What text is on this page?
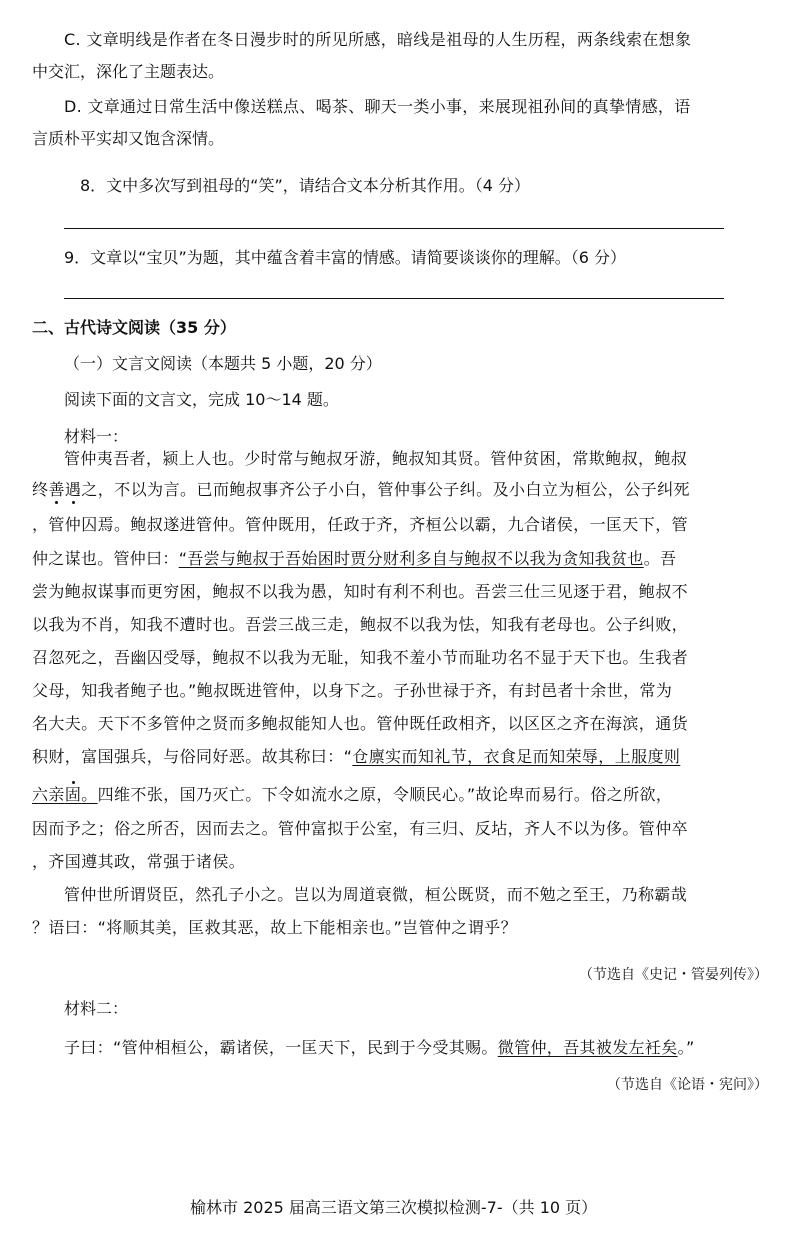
C. 文章明线是作者在冬日漫步时的所见所感，暗线是祖母的人生历程，两条线索在想象
中交汇，深化了主题表达。
D. 文章通过日常生活中像送糕点、喝茶、聊天一类小事，来展现祖孙间的真挚情感，语
言质朴平实却又饱含深情。
8．文中多次写到祖母的“笑”，请结合文本分析其作用。（4 分）
9．文章以“宝贝”为题，其中蕴含着丰富的情感。请简要谈谈你的理解。（6 分）
二、古代诗文阅读（35 分）
（一）文言文阅读（本题共 5 小题，20 分）
阅读下面的文言文，完成 10～14 题。
材料一：
管仲夷吾者，颍上人也。少时常与鲍叔牙游，鲍叔知其贤。管仲贫困，常欺鲍叔，鲍叔
终善遇之，不以为言。已而鲍叔事齐公子小白，管仲事公子纠。及小白立为桓公，公子纠死
，管仲囚焉。鲍叔遂进管仲。管仲既用，任政于齐，齐桓公以霸，九合诸侯，一匡天下，管
仲之谋也。管仲曰：“吾尝与鲍叔于吾始困时贾分财利多自与鲍叔不以我为贪知我贫也。吾
尝为鲍叔谋事而更穷困，鲍叔不以我为愚，知时有利不利也。吾尝三仕三见逐于君，鲍叔不
以我为不肖，知我不遭时也。吾尝三战三走，鲍叔不以我为怯，知我有老母也。公子纠败，
召忽死之，吾幽囚受辱，鲍叔不以我为无耻，知我不羞小节而耻功名不显于天下也。生我者
父母，知我者鲍子也。”鲍叔既进管仲，以身下之。子孙世禄于齐，有封邑者十余世，常为
名大夫。天下不多管仲之贤而多鲍叔能知人也。管仲既任政相齐，以区区之齐在海滨，通货
积财，富国强兵，与俗同好恶。故其称曰：“仓廪实而知礼节，衣食足而知荣辱，上服度则
六亲固。四维不张，国乃灭亡。下令如流水之原，令顺民心。”故论卑而易行。俗之所欲，
因而予之；俗之所否，因而去之。管仲富拟于公室，有三归、反坫，齐人不以为侈。管仲卒
，齐国遵其政，常强于诸侯。
管仲世所谓贤臣，然孔子小之。岂以为周道衰微，桓公既贤，而不勉之至王，乃称霸哉
？语曰：“将顺其美，匡救其恶，故上下能相亲也。”岂管仲之谓乎？
（节选自《史记・管晏列传》）
材料二：
子曰：“管仲相桓公，霸诸侯，一匡天下，民到于今受其赐。微管仲，吾其被发左衽矣。”
（节选自《论语・宪问》）
榆林市 2025 届高三语文第三次模拟检测-7-（共 10 页）
